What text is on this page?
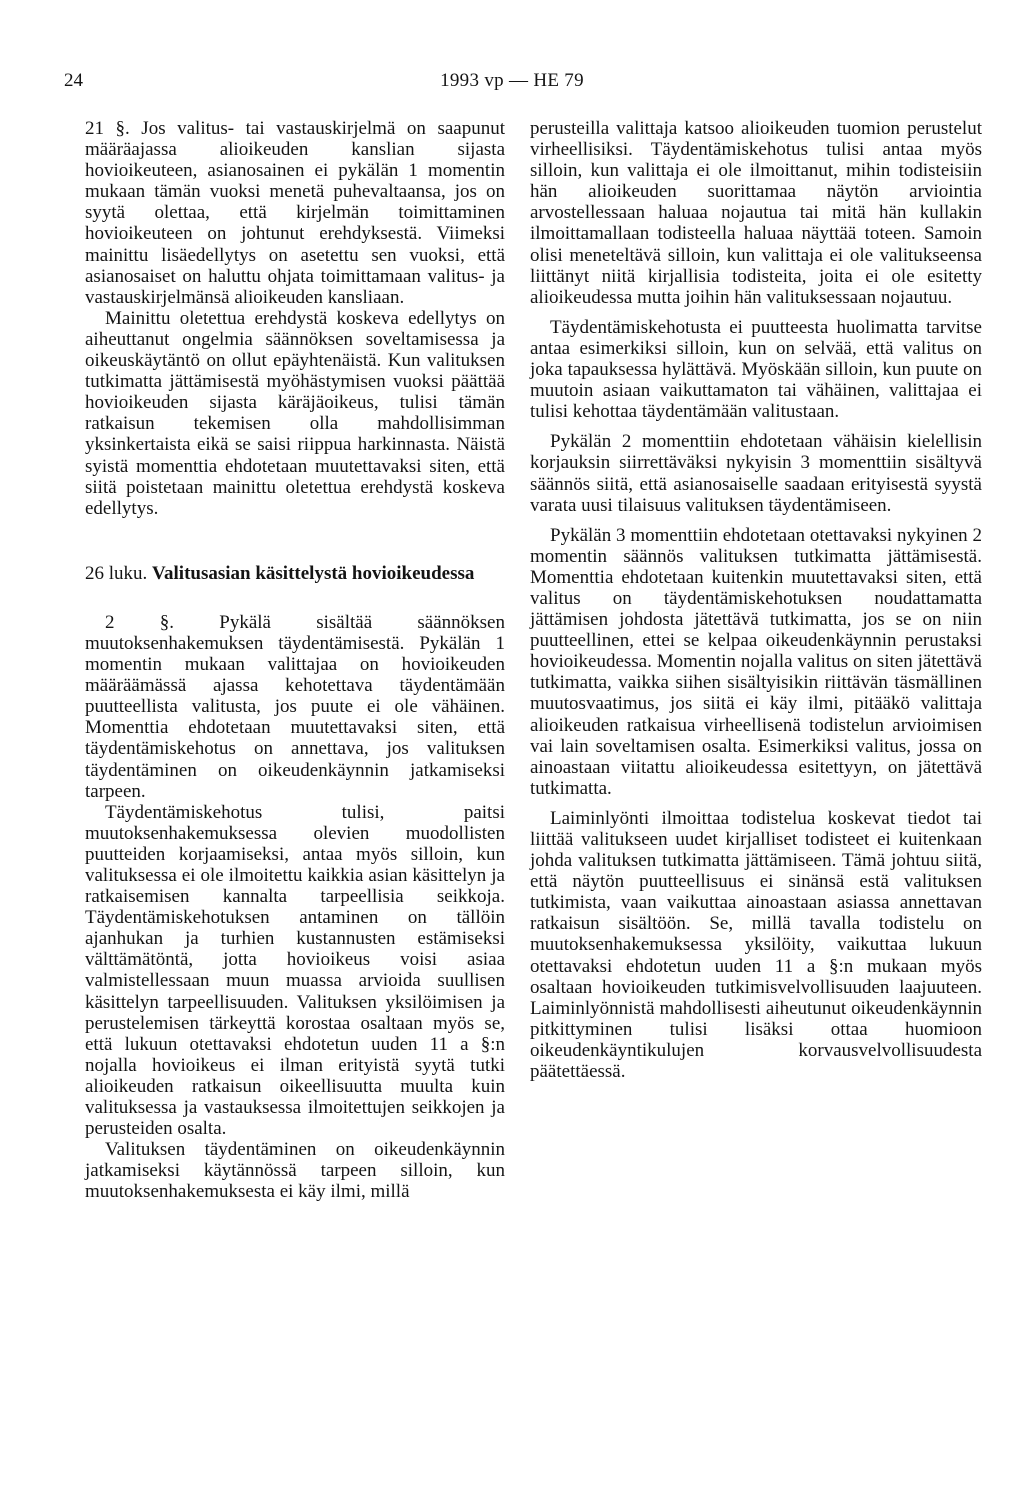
24	1993 vp — HE 79

21 §. Jos valitus- tai vastauskirjelmä on saapunut määräajassa alioikeuden kanslian sijasta hovioikeuteen, asianosainen ei pykälän 1 momentin mukaan tämän vuoksi menetä puhevaltaansa, jos on syytä olettaa, että kirjelmän toimittaminen hovioikeuteen on johtunut erehdyksestä. Viimeksi mainittu lisäedellytys on asetettu sen vuoksi, että asianosaiset on haluttu ohjata toimittamaan valitus- ja vastauskirjelmänsä alioikeuden kansliaan.

Mainittu oletettua erehdystä koskeva edellytys on aiheuttanut ongelmia säännöksen soveltamisessa ja oikeuskäytäntö on ollut epäyhtenäistä. Kun valituksen tutkimatta jättämisestä myöhästymisen vuoksi päättää hovioikeuden sijasta käräjäoikeus, tulisi tämän ratkaisun tekemisen olla mahdollisimman yksinkertaista eikä se saisi riippua harkinnasta. Näistä syistä momenttia ehdotetaan muutettavaksi siten, että siitä poistetaan mainittu oletettua erehdystä koskeva edellytys.

26 luku. Valitusasian käsittelystä hovioikeudessa

2 §. Pykälä sisältää säännöksen muutoksenhakemuksen täydentämisestä. Pykälän 1 momentin mukaan valittajaa on hovioikeuden määräämässä ajassa kehotettava täydentämään puutteellista valitusta, jos puute ei ole vähäinen. Momenttia ehdotetaan muutettavaksi siten, että täydentämiskehotus on annettava, jos valituksen täydentäminen on oikeudenkäynnin jatkamiseksi tarpeen.

Täydentämiskehotus tulisi, paitsi muutoksenhakemuksessa olevien muodollisten puutteiden korjaamiseksi, antaa myös silloin, kun valituksessa ei ole ilmoitettu kaikkia asian käsittelyn ja ratkaisemisen kannalta tarpeellisia seikkoja. Täydentämiskehotuksen antaminen on tällöin ajanhukan ja turhien kustannusten estämiseksi välttämätöntä, jotta hovioikeus voisi asiaa valmistellessaan muun muassa arvioida suullisen käsittelyn tarpeellisuuden. Valituksen yksilöimisen ja perustelemisen tärkeyttä korostaa osaltaan myös se, että lukuun otettavaksi ehdotetun uuden 11 a §:n nojalla hovioikeus ei ilman erityistä syytä tutki alioikeuden ratkaisun oikeellisuutta muulta kuin valituksessa ja vastauksessa ilmoitettujen seikkojen ja perusteiden osalta.

Valituksen täydentäminen on oikeudenkäynnin jatkamiseksi käytännössä tarpeen silloin, kun muutoksenhakemuksesta ei käy ilmi, millä

perusteilla valittaja katsoo alioikeuden tuomion perustelut virheellisiksi. Täydentämiskehotus tulisi antaa myös silloin, kun valittaja ei ole ilmoittanut, mihin todisteisiin hän alioikeuden suorittamaa näytön arviointia arvostellessaan haluaa nojautua tai mitä hän kullakin ilmoittamallaan todisteella haluaa näyttää toteen. Samoin olisi meneteltävä silloin, kun valittaja ei ole valitukseensa liittänyt niitä kirjallisia todisteita, joita ei ole esitetty alioikeudessa mutta joihin hän valituksessaan nojautuu.

Täydentämiskehotusta ei puutteesta huolimatta tarvitse antaa esimerkiksi silloin, kun on selvää, että valitus on joka tapauksessa hylättävä. Myöskään silloin, kun puute on muutoin asiaan vaikuttamaton tai vähäinen, valittajaa ei tulisi kehottaa täydentämään valitustaan.

Pykälän 2 momenttiin ehdotetaan vähäisin kielellisin korjauksin siirrettäväksi nykyisin 3 momenttiin sisältyvä säännös siitä, että asianosaiselle saadaan erityisestä syystä varata uusi tilaisuus valituksen täydentämiseen.

Pykälän 3 momenttiin ehdotetaan otettavaksi nykyinen 2 momentin säännös valituksen tutkimatta jättämisestä. Momenttia ehdotetaan kuitenkin muutettavaksi siten, että valitus on täydentämiskehotuksen noudattamatta jättämisen johdosta jätettävä tutkimatta, jos se on niin puutteellinen, ettei se kelpaa oikeudenkäynnin perustaksi hovioikeudessa. Momentin nojalla valitus on siten jätettävä tutkimatta, vaikka siihen sisältyisikin riittävän täsmällinen muutosvaatimus, jos siitä ei käy ilmi, pitääkö valittaja alioikeuden ratkaisua virheellisenä todistelun arvioimisen vai lain soveltamisen osalta. Esimerkiksi valitus, jossa on ainoastaan viitattu alioikeudessa esitettyyn, on jätettävä tutkimatta.

Laiminlyönti ilmoittaa todistelua koskevat tiedot tai liittää valitukseen uudet kirjalliset todisteet ei kuitenkaan johda valituksen tutkimatta jättämiseen. Tämä johtuu siitä, että näytön puutteellisuus ei sinänsä estä valituksen tutkimista, vaan vaikuttaa ainoastaan asiassa annettavan ratkaisun sisältöön. Se, millä tavalla todistelu on muutoksenhakemuksessa yksilöity, vaikuttaa lukuun otettavaksi ehdotetun uuden 11 a §:n mukaan myös osaltaan hovioikeuden tutkimisvelvollisuuden laajuuteen. Laiminlyönnistä mahdollisesti aiheutunut oikeudenkäynnin pitkittyminen tulisi lisäksi ottaa huomioon oikeudenkäyntikulujen korvausvelvollisuudesta päätettäessä.
